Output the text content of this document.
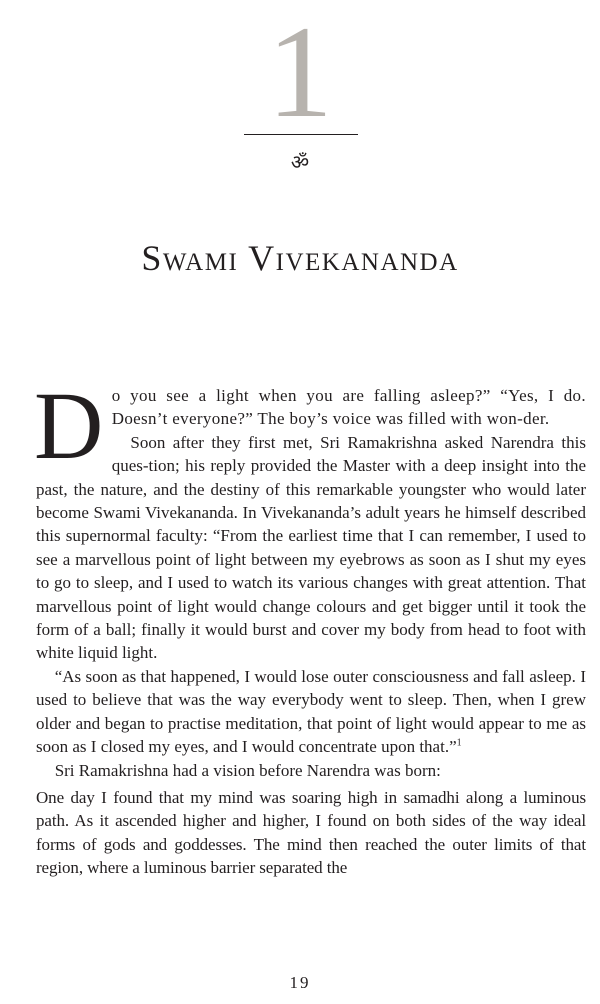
1
ॐ
Swami Vivekananda

Do you see a light when you are falling asleep?” “Yes, I do. Doesn’t everyone?” The boy’s voice was filled with won-der.

Soon after they first met, Sri Ramakrishna asked Narendra this ques-tion; his reply provided the Master with a deep insight into the past, the nature, and the destiny of this remarkable youngster who would later become Swami Vivekananda. In Vivekananda’s adult years he himself described this supernormal faculty: “From the earliest time that I can remember, I used to see a marvellous point of light between my eyebrows as soon as I shut my eyes to go to sleep, and I used to watch its various changes with great attention. That marvellous point of light would change colours and get bigger until it took the form of a ball; finally it would burst and cover my body from head to foot with white liquid light.

“As soon as that happened, I would lose outer consciousness and fall asleep. I used to believe that was the way everybody went to sleep. Then, when I grew older and began to practise meditation, that point of light would appear to me as soon as I closed my eyes, and I would concentrate upon that.”$^1$

Sri Ramakrishna had a vision before Narendra was born:

One day I found that my mind was soaring high in samadhi along a luminous path. As it ascended higher and higher, I found on both sides of the way ideal forms of gods and goddesses. The mind then reached the outer limits of that region, where a luminous barrier separated the

19
